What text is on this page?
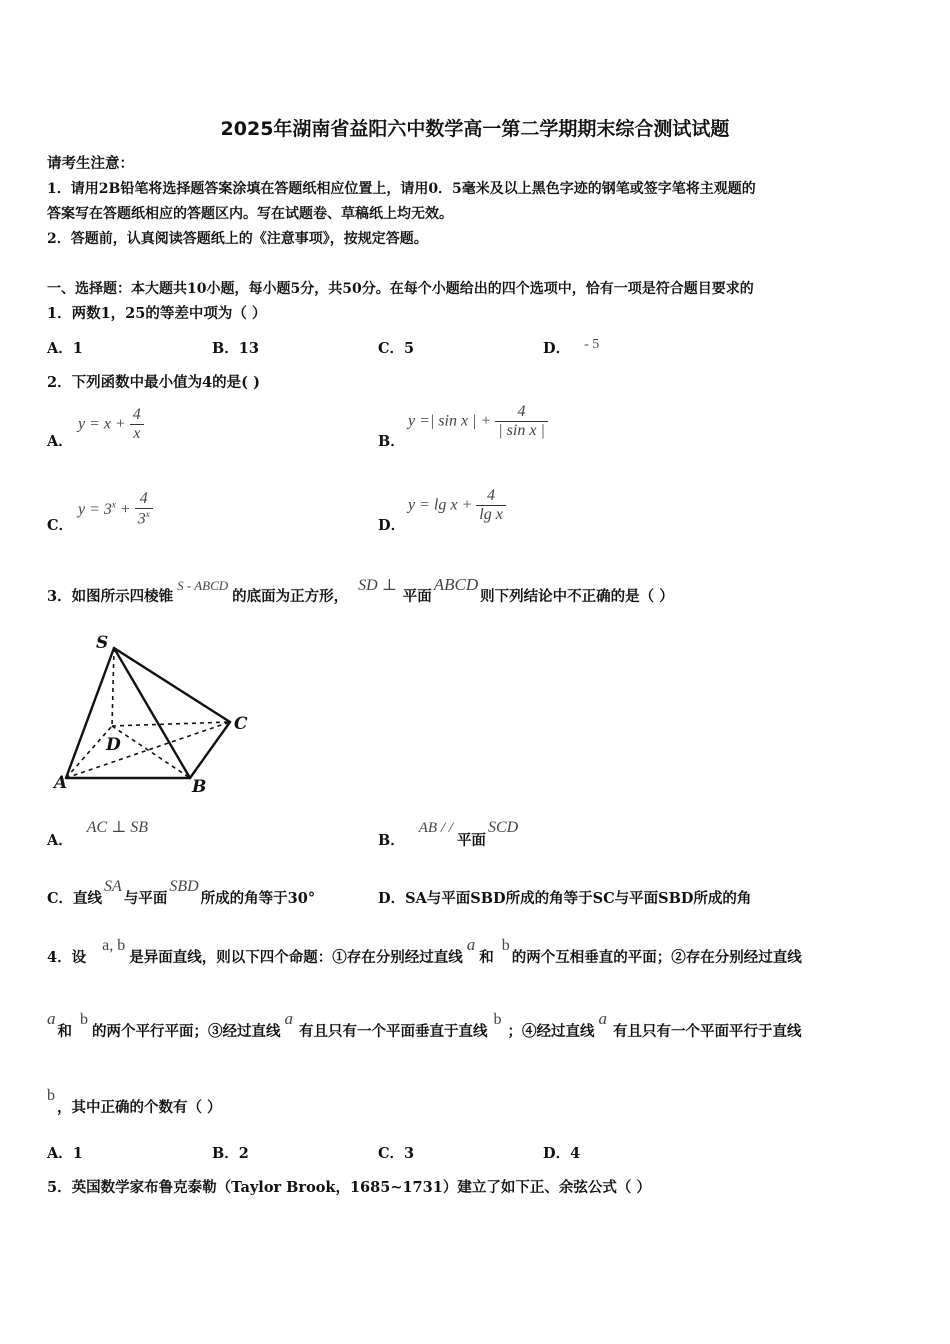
2025年湖南省益阳六中数学高一第二学期期末综合测试试题
请考生注意：
1．请用2B铅笔将选择题答案涂填在答题纸相应位置上，请用0．5毫米及以上黑色字迹的钢笔或签字笔将主观题的
答案写在答题纸相应的答题区内。写在试题卷、草稿纸上均无效。
2．答题前，认真阅读答题纸上的《注意事项》，按规定答题。
一、选择题：本大题共10小题，每小题5分，共50分。在每个小题给出的四个选项中，恰有一项是符合题目要求的
1．两数1，25的等差中项为（ ）
A．1	B．13	C．5	D． - 5
2．下列函数中最小值为4的是( )
A．
$y = x + \frac{4}{x}$	B．
y =| sin x | + $\frac{4}{\text{| sin x |}}$
C．
$y = 3^x + \frac{4}{3^x}$	D．
$y = \lg x + \frac{4}{\text{lg x}}$
3．如图所示四棱锥S - ABCD的底面为正方形，SD ⊥平面ABCD则下列结论中不正确的是（ ）
S
A	B
C
D
A．AC ⊥ SB
B．AB / /平面SCD
C．直线SA与平面SBD所成的角等于30°	D．SA与平面SBD所成的角等于SC与平面SBD所成的角
4．设a, b是异面直线，则以下四个命题：①存在分别经过直线a和b的两个互相垂直的平面；②存在分别经过直线
a和b的两个平行平面；③经过直线a有且只有一个平面垂直于直线b；④经过直线a有且只有一个平面平行于直线
b，其中正确的个数有（ ）
A．1	B．2	C．3	D．4
5．英国数学家布鲁克泰勒（Taylor Brook，1685~1731）建立了如下正、余弦公式（ ）
